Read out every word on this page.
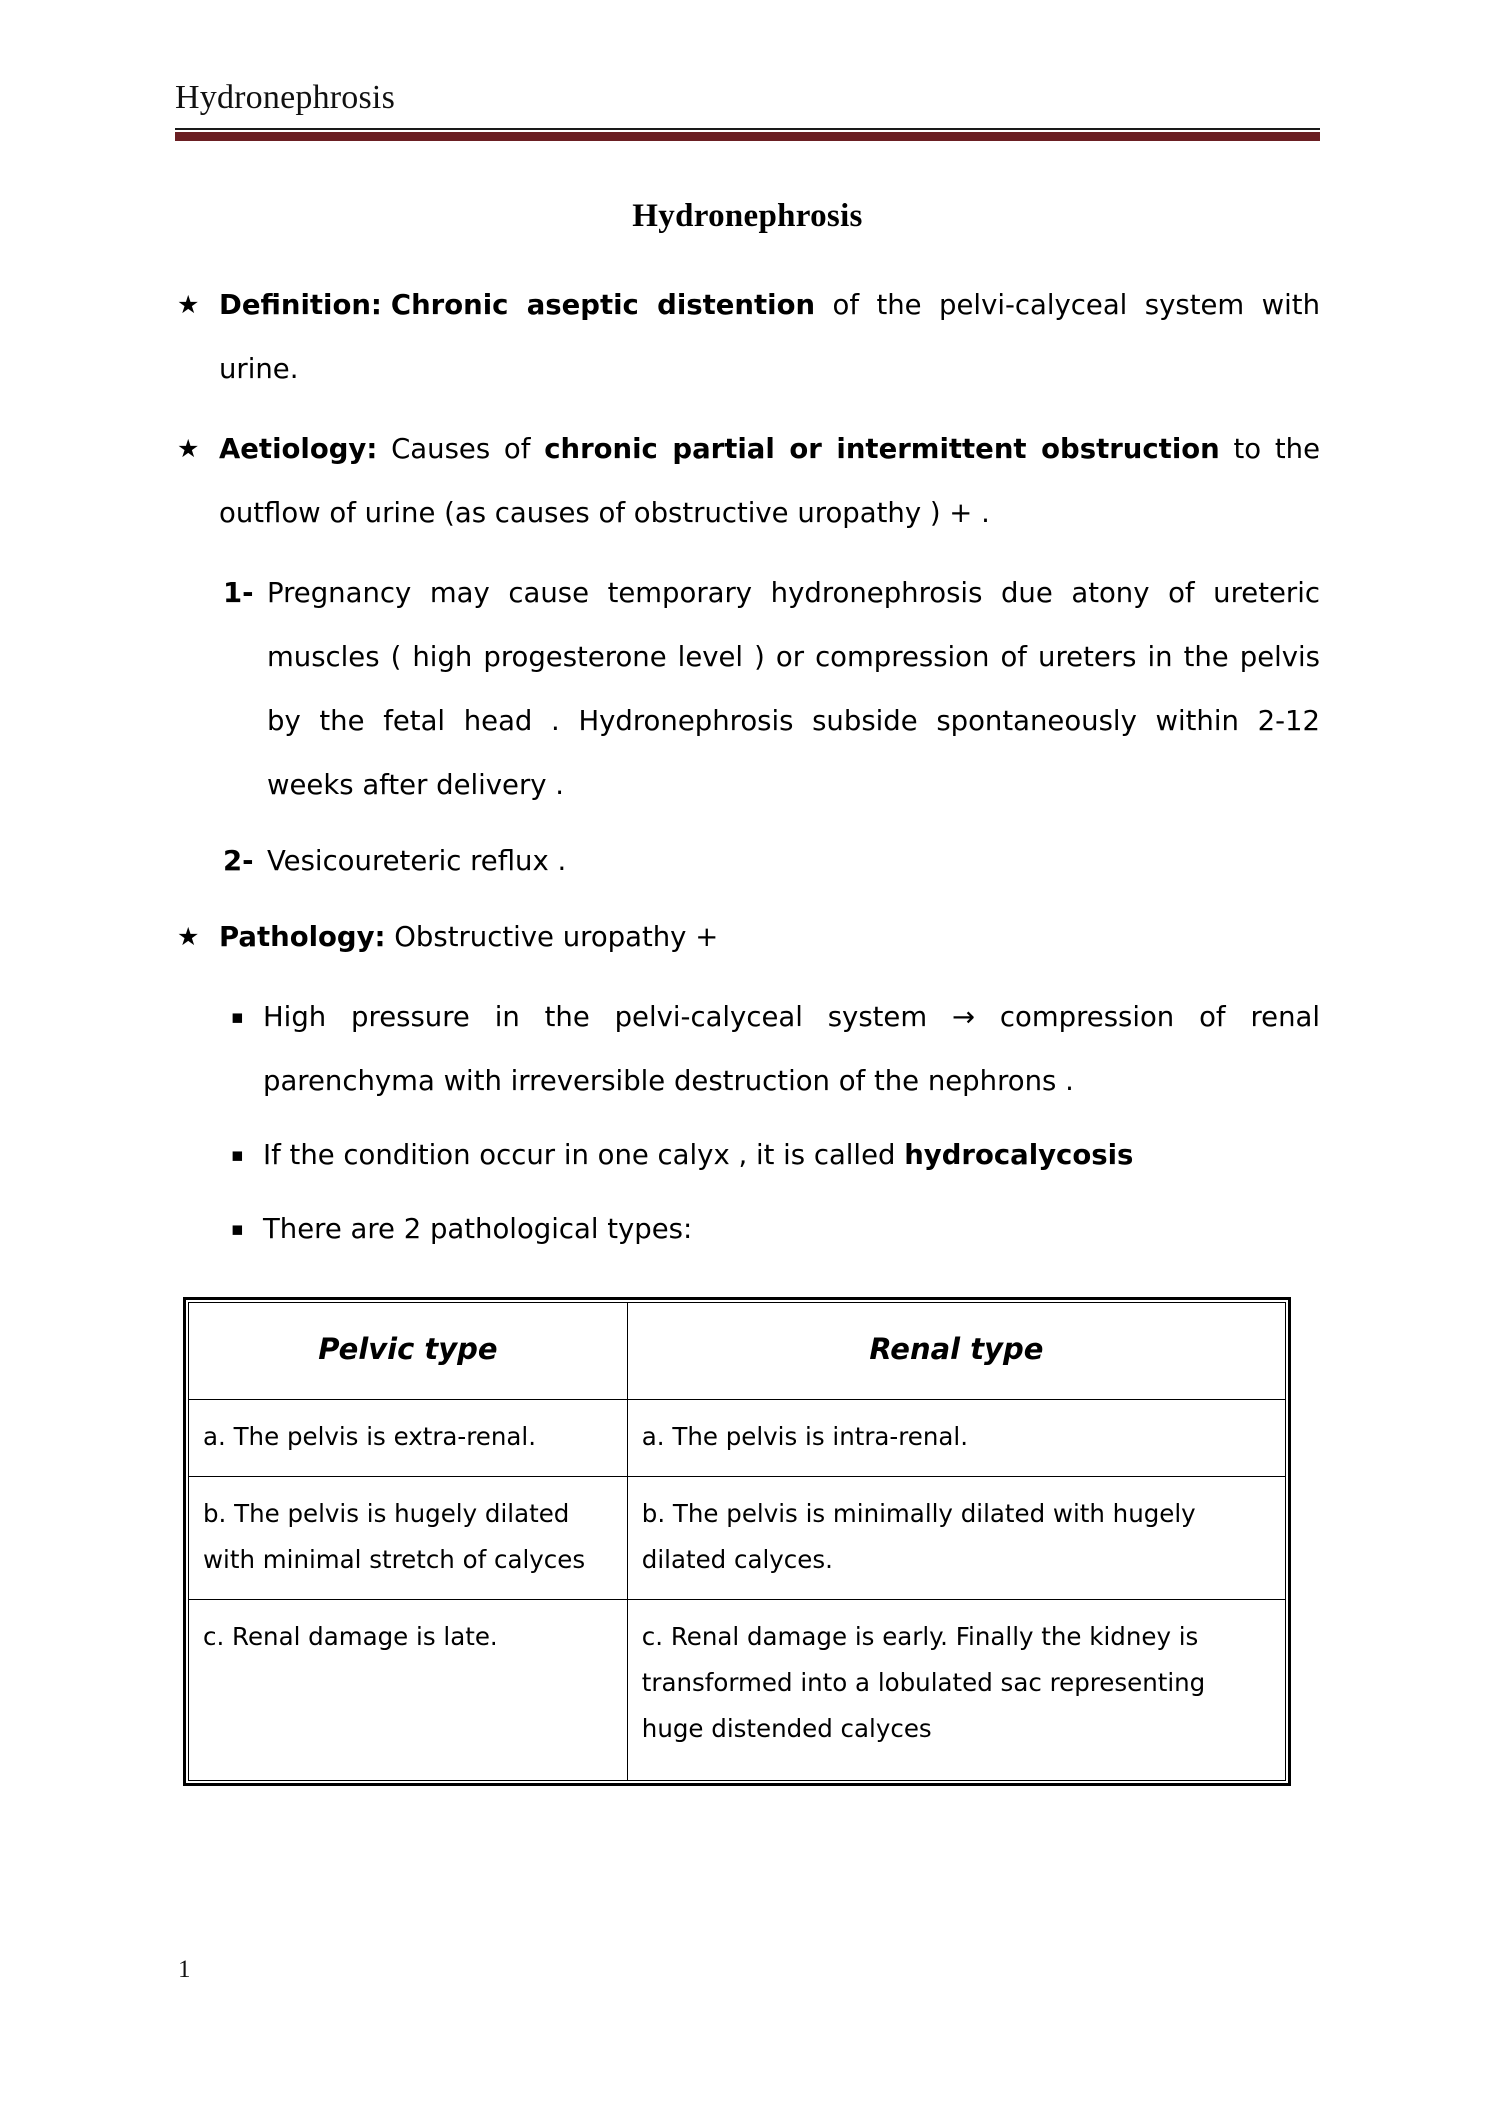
Hydronephrosis
Hydronephrosis
★ Definition: Chronic aseptic distention of the pelvi-calyceal system with urine.
★ Aetiology: Causes of chronic partial or intermittent obstruction to the outflow of urine (as causes of obstructive uropathy ) + .
1- Pregnancy may cause temporary hydronephrosis due atony of ureteric muscles ( high progesterone level ) or compression of ureters in the pelvis by the fetal head . Hydronephrosis subside spontaneously within 2-12 weeks after delivery .
2- Vesicoureteric reflux .
★ Pathology: Obstructive uropathy +
▪ High pressure in the pelvi-calyceal system → compression of renal parenchyma with irreversible destruction of the nephrons .
▪ If the condition occur in one calyx , it is called hydrocalycosis
▪ There are 2 pathological types:
Pelvic type	Renal type
a. The pelvis is extra-renal.	a. The pelvis is intra-renal.
b. The pelvis is hugely dilated with minimal stretch of calyces	b. The pelvis is minimally dilated with hugely dilated calyces.
c. Renal damage is late.	c. Renal damage is early. Finally the kidney is transformed into a lobulated sac representing huge distended calyces
1
